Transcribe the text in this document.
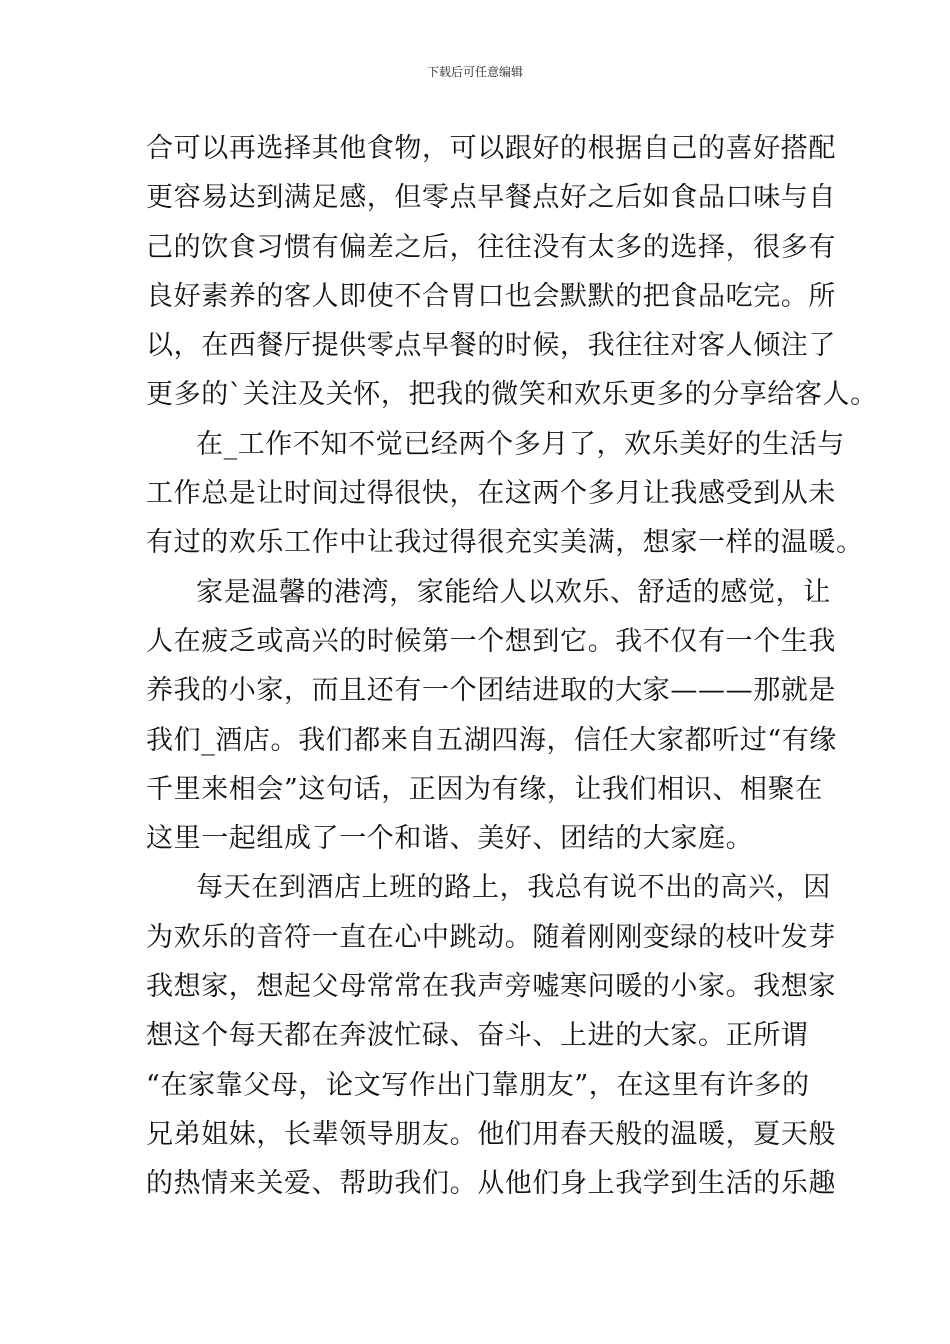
下载后可任意编辑
合可以再选择其他食物，可以跟好的根据自己的喜好搭配
更容易达到满足感，但零点早餐点好之后如食品口味与自
己的饮食习惯有偏差之后，往往没有太多的选择，很多有
良好素养的客人即使不合胃口也会默默的把食品吃完。所
以，在西餐厅提供零点早餐的时候，我往往对客人倾注了
更多的`关注及关怀，把我的微笑和欢乐更多的分享给客人。
在_工作不知不觉已经两个多月了，欢乐美好的生活与
工作总是让时间过得很快，在这两个多月让我感受到从未
有过的欢乐工作中让我过得很充实美满，想家一样的温暖。
家是温馨的港湾，家能给人以欢乐、舒适的感觉，让
人在疲乏或高兴的时候第一个想到它。我不仅有一个生我
养我的小家，而且还有一个团结进取的大家———那就是
我们_酒店。我们都来自五湖四海，信任大家都听过“有缘
千里来相会”这句话，正因为有缘，让我们相识、相聚在
这里一起组成了一个和谐、美好、团结的大家庭。
每天在到酒店上班的路上，我总有说不出的高兴，因
为欢乐的音符一直在心中跳动。随着刚刚变绿的枝叶发芽
我想家，想起父母常常在我声旁嘘寒问暖的小家。我想家
想这个每天都在奔波忙碌、奋斗、上进的大家。正所谓
“在家靠父母，论文写作出门靠朋友”，在这里有许多的
兄弟姐妹，长辈领导朋友。他们用春天般的温暖，夏天般
的热情来关爱、帮助我们。从他们身上我学到生活的乐趣
